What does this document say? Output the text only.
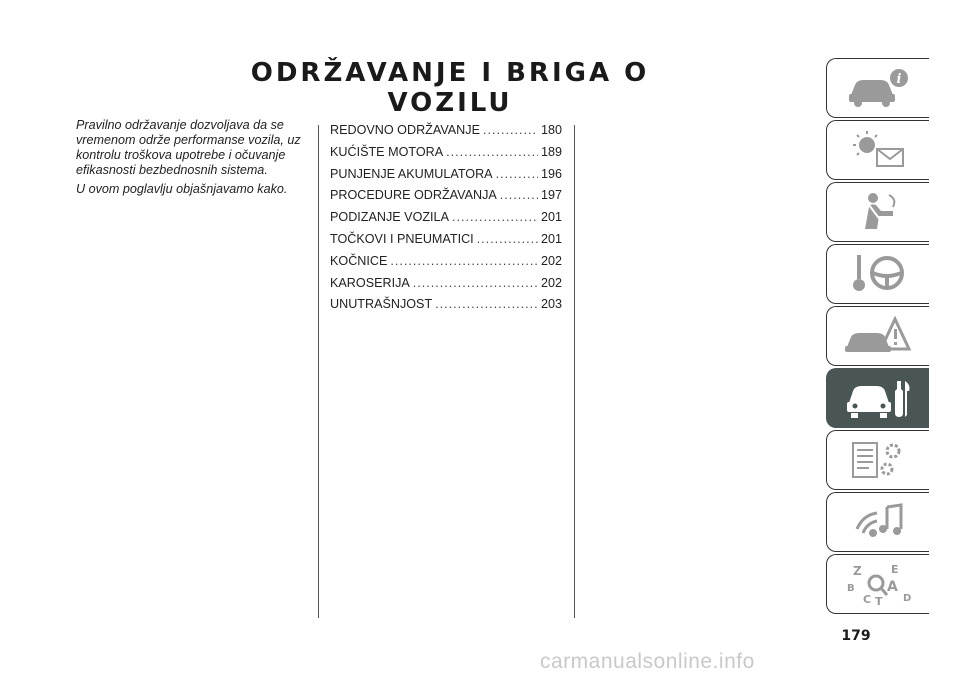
ODRŽAVANJE I BRIGA O VOZILU

Pravilno održavanje dozvoljava da se vremenom održe performanse vozila, uz kontrolu troškova upotrebe i očuvanje efikasnosti bezbednosnih sistema.

U ovom poglavlju objašnjavamo kako.

REDOVNO ODRŽAVANJE .....	180
KUĆIŠTE MOTORA .....	189
PUNJENJE AKUMULATORA .....	196
PROCEDURE ODRŽAVANJA .....	197
PODIZANJE VOZILA .....	201
TOČKOVI I PNEUMATICI .....	201
KOČNICE .....	202
KAROSERIJA .....	202
UNUTRAŠNJOST .....	203
i
Z	E
B A
C	D
T
179
carmanualsonline.info
